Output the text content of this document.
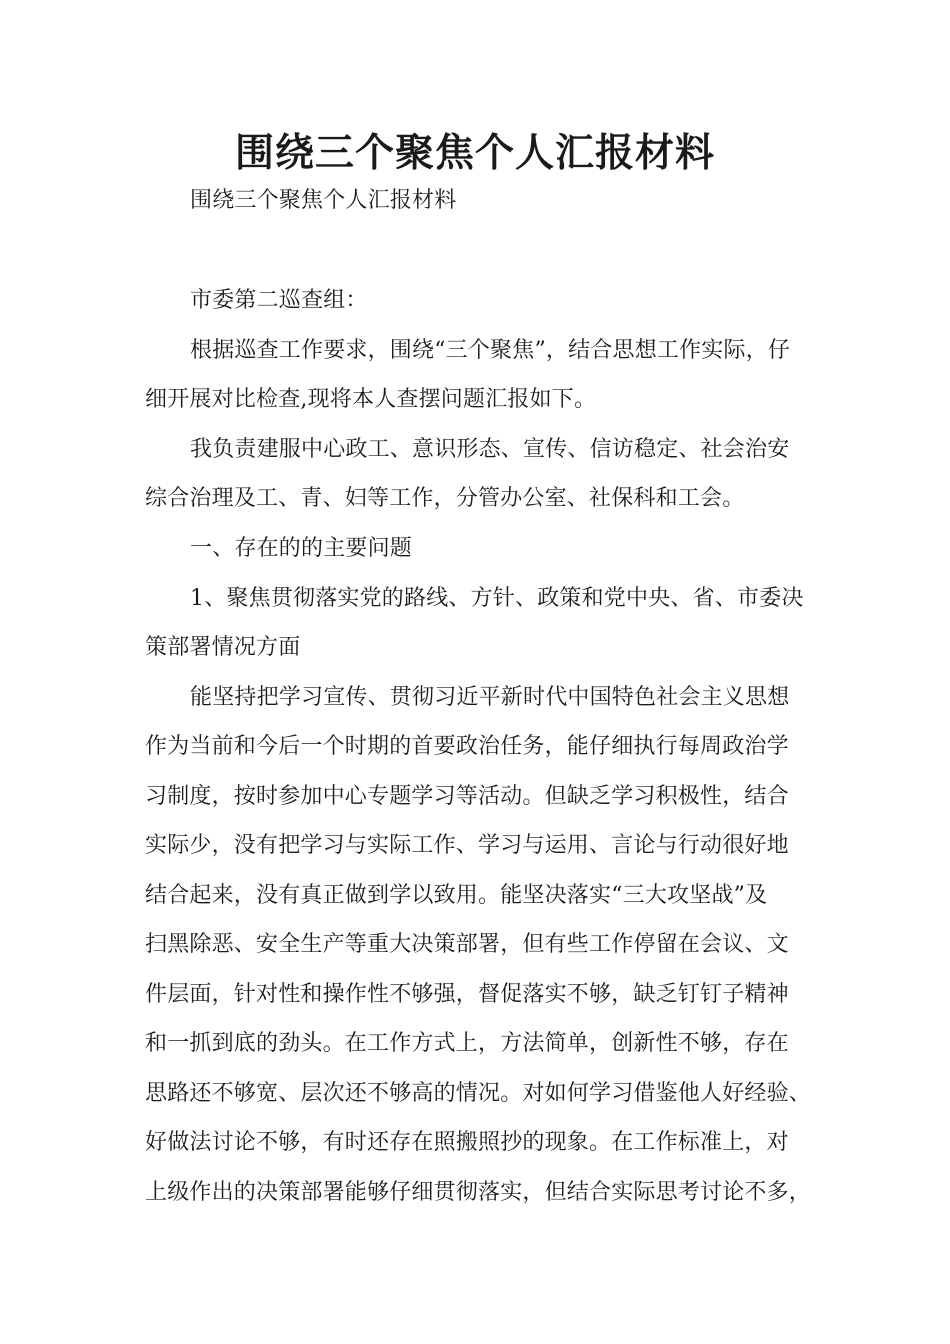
围绕三个聚焦个人汇报材料
围绕三个聚焦个人汇报材料
市委第二巡查组：
根据巡查工作要求，围绕“三个聚焦”，结合思想工作实际，仔
细开展对比检查,现将本人查摆问题汇报如下。
我负责建服中心政工、意识形态、宣传、信访稳定、社会治安
综合治理及工、青、妇等工作，分管办公室、社保科和工会。
一、存在的的主要问题
1、聚焦贯彻落实党的路线、方针、政策和党中央、省、市委决
策部署情况方面
能坚持把学习宣传、贯彻习近平新时代中国特色社会主义思想
作为当前和今后一个时期的首要政治任务，能仔细执行每周政治学
习制度，按时参加中心专题学习等活动。但缺乏学习积极性，结合
实际少，没有把学习与实际工作、学习与运用、言论与行动很好地
结合起来，没有真正做到学以致用。能坚决落实“三大攻坚战”及
扫黑除恶、安全生产等重大决策部署，但有些工作停留在会议、文
件层面，针对性和操作性不够强，督促落实不够，缺乏钉钉子精神
和一抓到底的劲头。在工作方式上，方法简单，创新性不够，存在
思路还不够宽、层次还不够高的情况。对如何学习借鉴他人好经验、
好做法讨论不够，有时还存在照搬照抄的现象。在工作标准上，对
上级作出的决策部署能够仔细贯彻落实，但结合实际思考讨论不多，
